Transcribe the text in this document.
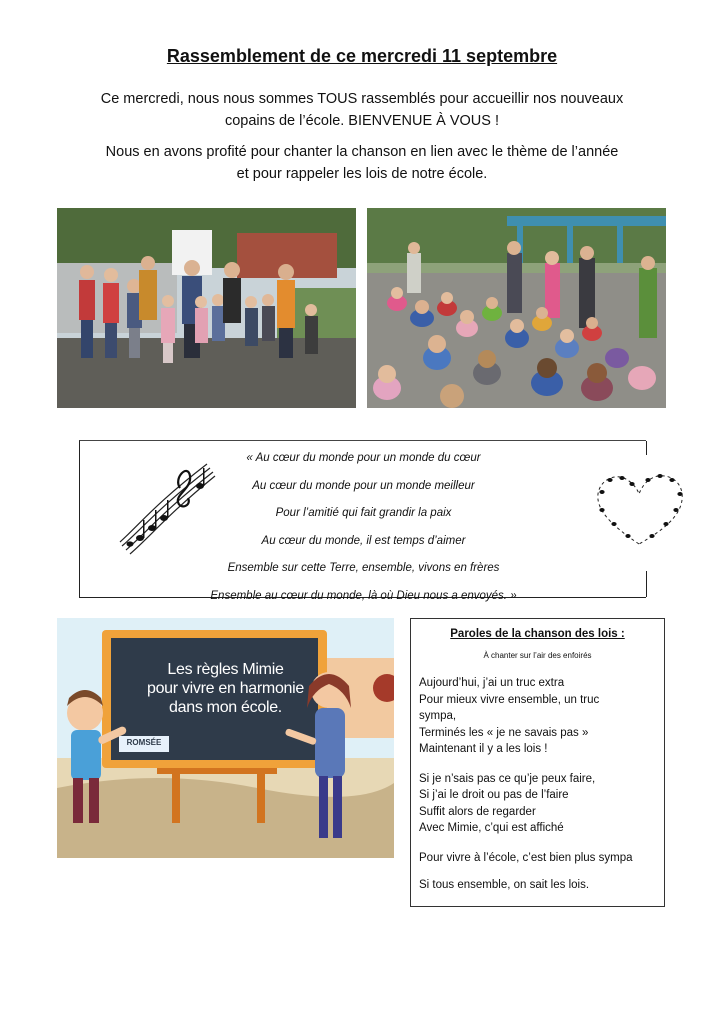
Rassemblement de ce mercredi 11 septembre

Ce mercredi, nous nous sommes TOUS rassemblés pour accueillir nos nouveaux
copains de l’école. BIENVENUE À VOUS !

Nous en avons profité pour chanter la chanson en lien avec le thème de l’année
et pour rappeler les lois de notre école.

« Au cœur du monde pour un monde du cœur
Au cœur du monde pour un monde meilleur
Pour l’amitié qui fait grandir la paix
Au cœur du monde, il est temps d’aimer
Ensemble sur cette Terre, ensemble, vivons en frères
Ensemble au cœur du monde, là où Dieu nous a envoyés. »
Les règles Mimie
pour vivre en harmonie
dans mon école.
ROMSÉE
Paroles de la chanson des lois :
À chanter sur l’air des enfoirés
Aujourd’hui, j’ai un truc extra
Pour mieux vivre ensemble, un truc
sympa,
Terminés les « je ne savais pas »
Maintenant il y a les lois !
Si je n’sais pas ce qu’je peux faire,
Si j’ai le droit ou pas de l’faire
Suffit alors de regarder
Avec Mimie, c’qui est affiché
Pour vivre à l’école, c’est bien plus sympa
Si tous ensemble, on sait les lois.
